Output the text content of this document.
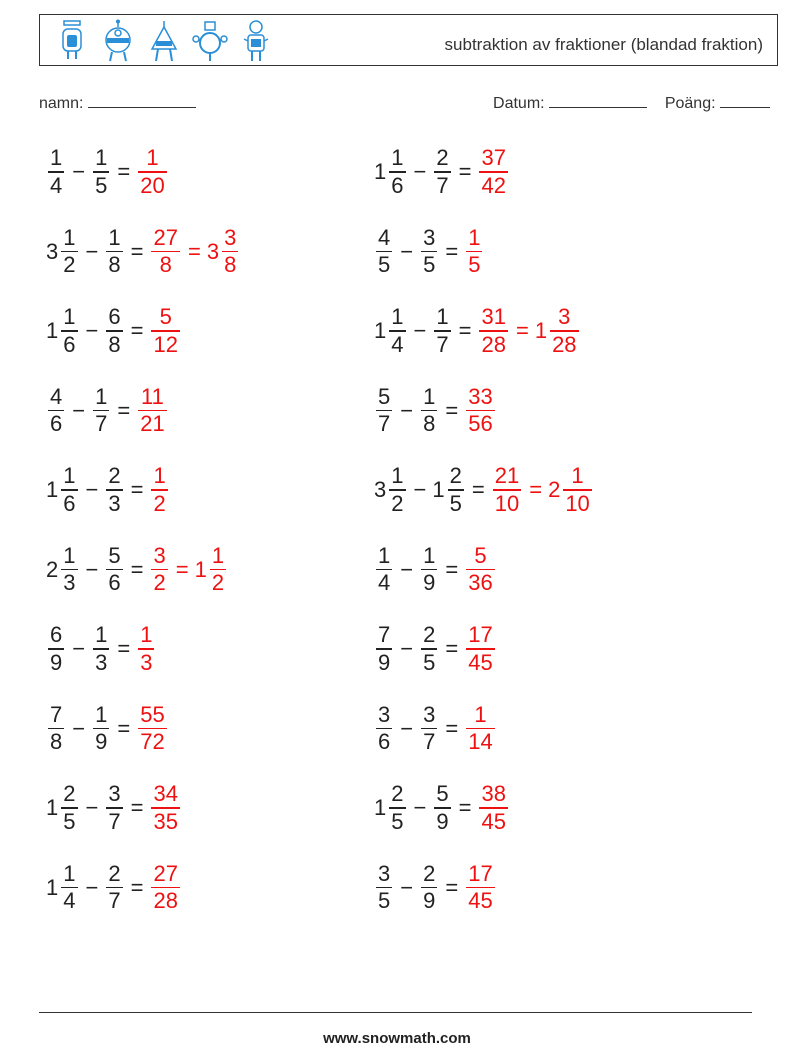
subtraktion av fraktioner (blandad fraktion)
namn:	Datum:	Poäng:
$\frac{1}{4} - \frac{1}{5} = \frac{1}{20}$	$1 \frac{1}{6} - \frac{2}{7} = \frac{37}{42}$
$3 \frac{1}{2} - \frac{1}{8} = \frac{27}{8} = 3 \frac{3}{8}$	$\frac{4}{5} - \frac{3}{5} = \frac{1}{5}$
$1 \frac{1}{6} - \frac{6}{8} = \frac{5}{12}$	$1 \frac{1}{4} - \frac{1}{7} = \frac{31}{28} = 1 \frac{3}{28}$
$\frac{4}{6} - \frac{1}{7} = \frac{11}{21}$	$\frac{5}{7} - \frac{1}{8} = \frac{33}{56}$
$1 \frac{1}{6} - \frac{2}{3} = \frac{1}{2}$	$3 \frac{1}{2} - 1 \frac{2}{5} = \frac{21}{10} = 2 \frac{1}{10}$
$2 \frac{1}{3} - \frac{5}{6} = \frac{3}{2} = 1 \frac{1}{2}$	$\frac{1}{4} - \frac{1}{9} = \frac{5}{36}$
$\frac{6}{9} - \frac{1}{3} = \frac{1}{3}$	$\frac{7}{9} - \frac{2}{5} = \frac{17}{45}$
$\frac{7}{8} - \frac{1}{9} = \frac{55}{72}$	$\frac{3}{6} - \frac{3}{7} = \frac{1}{14}$
$1 \frac{2}{5} - \frac{3}{7} = \frac{34}{35}$	$1 \frac{2}{5} - \frac{5}{9} = \frac{38}{45}$
$1 \frac{1}{4} - \frac{2}{7} = \frac{27}{28}$	$\frac{3}{5} - \frac{2}{9} = \frac{17}{45}$
www.snowmath.com
